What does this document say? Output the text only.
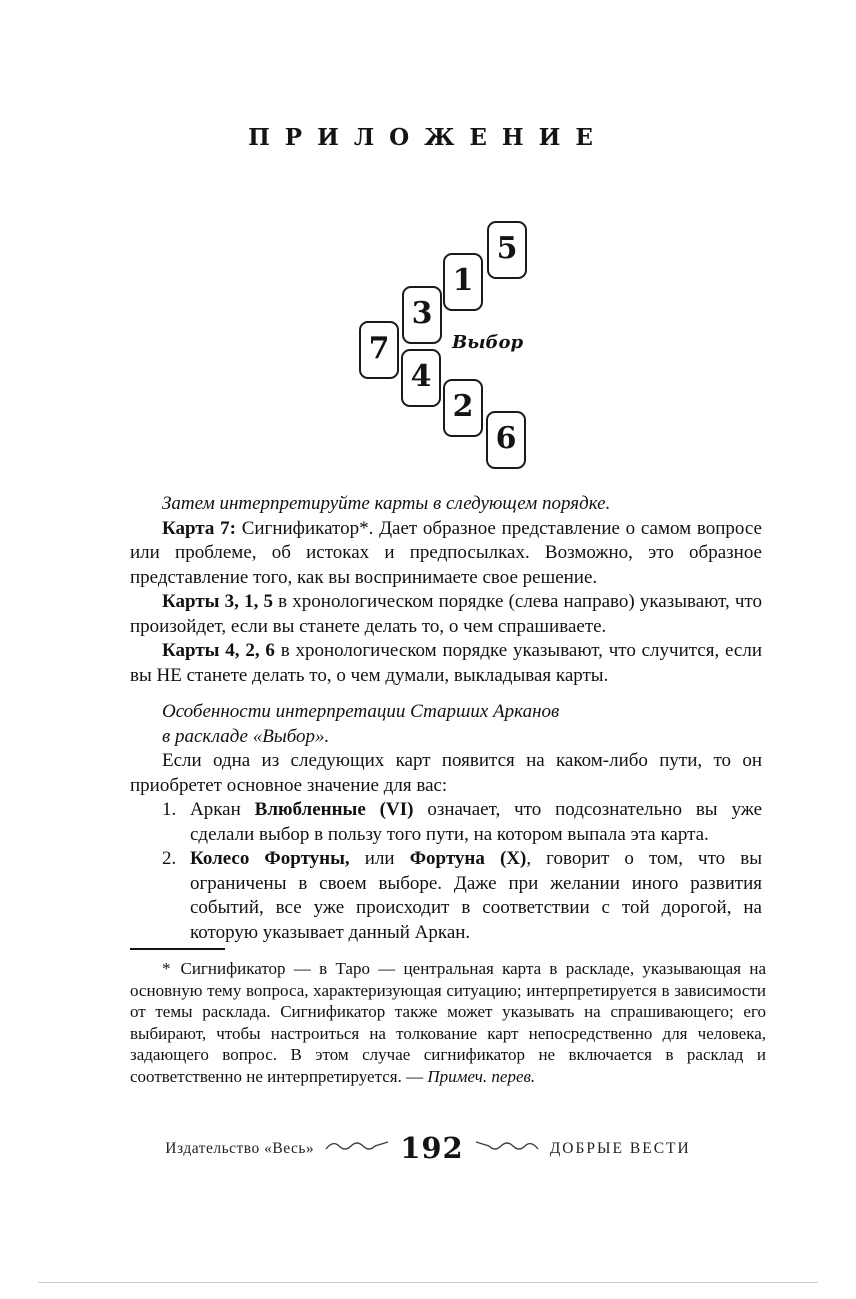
ПРИЛОЖЕНИЕ
5
1
3
7
4
2
6
Выбор

Затем интерпретируйте карты в следующем порядке.

Карта 7: Сигнификатор*. Дает образное представление о самом вопросе или проблеме, об истоках и предпосылках. Возможно, это образное представление того, как вы воспринимаете свое решение.

Карты 3, 1, 5 в хронологическом порядке (слева направо) указывают, что произойдет, если вы станете делать то, о чем спрашиваете.

Карты 4, 2, 6 в хронологическом порядке указывают, что случится, если вы НЕ станете делать то, о чем думали, выкладывая карты.

Особенности интерпретации Старших Арканов
в раскладе «Выбор».

Если одна из следующих карт появится на каком-либо пути, то он приобретет основное значение для вас:

1. Аркан Влюбленные (VI) означает, что подсознательно вы уже сделали выбор в пользу того пути, на котором выпала эта карта.
2. Колесо Фортуны, или Фортуна (X), говорит о том, что вы ограничены в своем выборе. Даже при желании иного развития событий, все уже происходит в соответствии с той дорогой, на которую указывает данный Аркан.

* Сигнификатор — в Таро — центральная карта в раскладе, указывающая на основную тему вопроса, характеризующая ситуацию; интерпретируется в зависимости от темы расклада. Сигнификатор также может указывать на спрашивающего; его выбирают, чтобы настроиться на толкование карт непосредственно для человека, задающего вопрос. В этом случае сигнификатор не включается в расклад и соответственно не интерпретируется. — Примеч. перев.

Издательство «Весь»	192	ДОБРЫЕ ВЕСТИ
